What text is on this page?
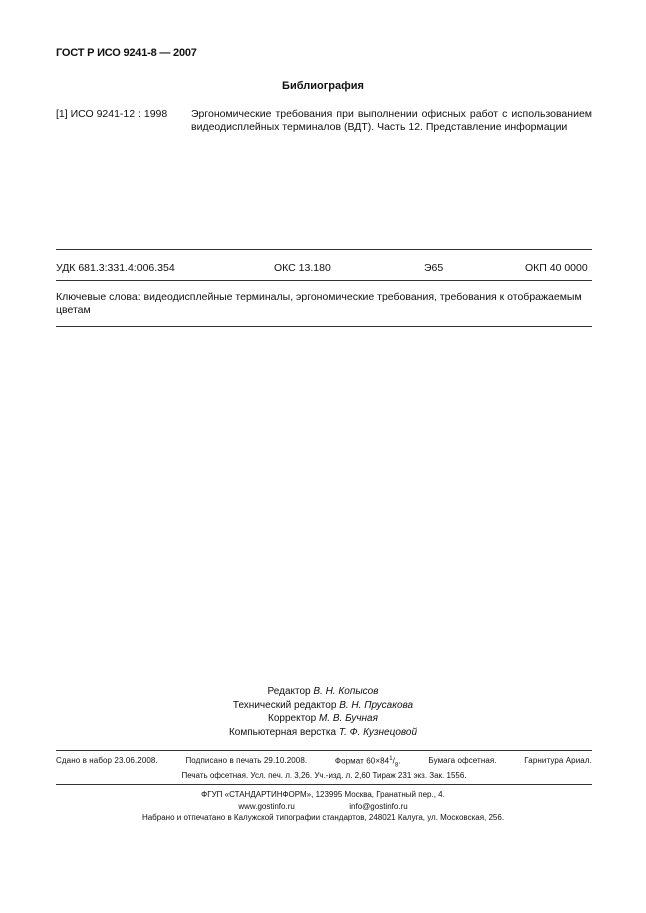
ГОСТ Р ИСО 9241-8 — 2007
Библиография
[1] ИСО 9241-12 : 1998 Эргономические требования при выполнении офисных работ с использованием видеодисплейных терминалов (ВДТ). Часть 12. Представление информации
УДК 681.3:331.4:006.354	ОКС 13.180	Э65	ОКП 40 0000
Ключевые слова: видеодисплейные терминалы, эргономические требования, требования к отображаемым цветам
Редактор В. Н. Копысов
Технический редактор В. Н. Прусакова
Корректор М. В. Бучная
Компьютерная верстка Т. Ф. Кузнецовой
Сдано в набор 23.06.2008.	Подписано в печать 29.10.2008.	Формат $60\times 84^1/_8$.	Бумага офсетная.	Гарнитура Ариал.
Печать офсетная. Усл. печ. л. 3,26. Уч.-изд. л. 2,60 Тираж 231 экз. Зак. 1556.
ФГУП «СТАНДАРТИНФОРМ», 123995 Москва, Гранатный пер., 4.
www.gostinfo.ru	info@gostinfo.ru
Набрано и отпечатано в Калужской типографии стандартов, 248021 Калуга, ул. Московская, 256.
